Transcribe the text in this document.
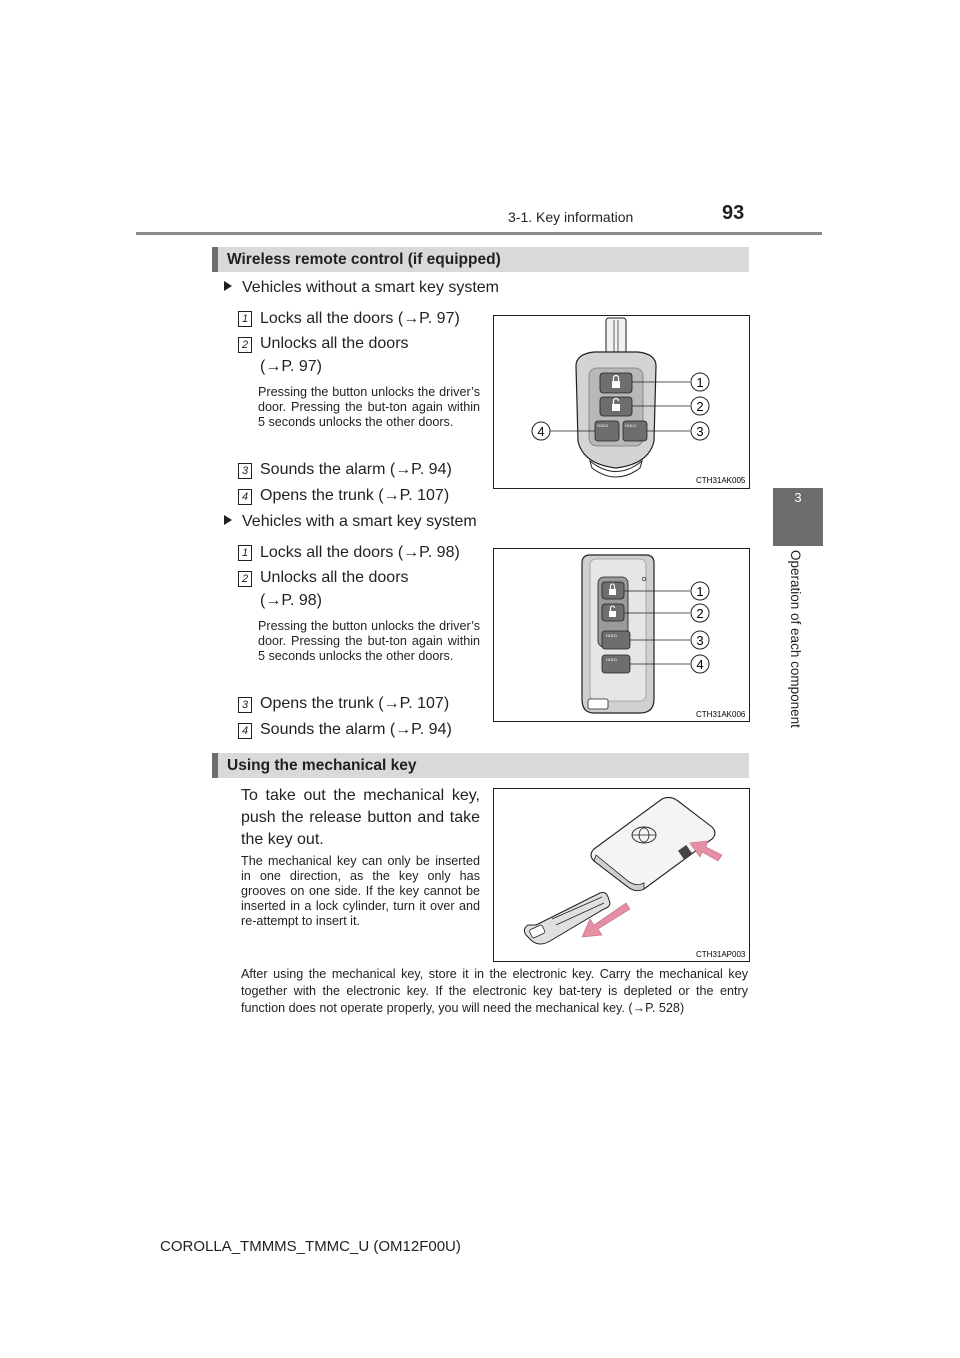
3-1. Key information	93
3
Operation of each component
Wireless remote control (if equipped)
Vehicles without a smart key system
1 Locks all the doors (→P. 97)
2 Unlocks all the doors
(→P. 97)
Pressing the button unlocks the driver’s door. Pressing the but-ton again within 5 seconds unlocks the other doors.
3 Sounds the alarm (→P. 94)
4 Opens the trunk (→P. 107)
HOLD	HOLD
1
2
3
4
CTH31AK005
Vehicles with a smart key system
1 Locks all the doors (→P. 98)
2 Unlocks all the doors
(→P. 98)
Pressing the button unlocks the driver’s door. Pressing the but-ton again within 5 seconds unlocks the other doors.
3 Opens the trunk (→P. 107)
4 Sounds the alarm (→P. 94)
HOLD
HOLD
1
2
3
4
CTH31AK006
Using the mechanical key
To take out the mechanical key, push the release button and take the key out.
The mechanical key can only be inserted in one direction, as the key only has grooves on one side. If the key cannot be inserted in a lock cylinder, turn it over and re-attempt to insert it.
CTH31AP003
After using the mechanical key, store it in the electronic key. Carry the mechanical key together with the electronic key. If the electronic key bat-tery is depleted or the entry function does not operate properly, you will need the mechanical key. (→P. 528)
COROLLA_TMMMS_TMMC_U (OM12F00U)
